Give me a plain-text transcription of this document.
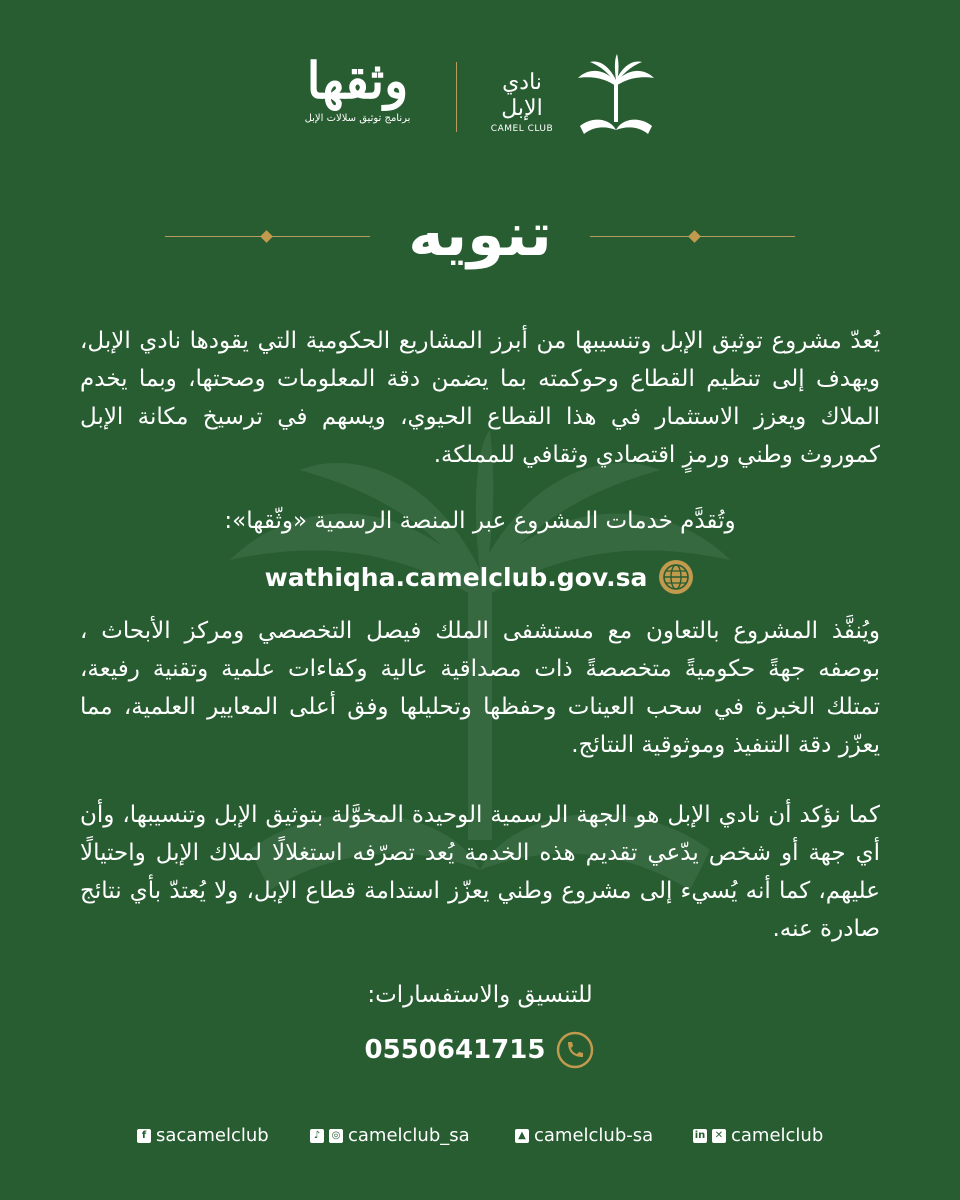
وثقها
برنامج توثيق سلالات الإبل
نادي الإبل
CAMEL CLUB
تنويه

يُعدّ مشروع توثيق الإبل وتنسيبها من أبرز المشاريع الحكومية التي يقودها نادي الإبل، ويهدف إلى تنظيم القطاع وحوكمته بما يضمن دقة المعلومات وصحتها، وبما يخدم الملاك ويعزز الاستثمار في هذا القطاع الحيوي، ويسهم في ترسيخ مكانة الإبل كموروث وطني ورمزٍ اقتصادي وثقافي للمملكة.

وتُقدَّم خدمات المشروع عبر المنصة الرسمية «وثّقها»:

wathiqha.camelclub.gov.sa

ويُنفَّذ المشروع بالتعاون مع مستشفى الملك فيصل التخصصي ومركز الأبحاث ، بوصفه جهةً حكوميةً متخصصةً ذات مصداقية عالية وكفاءات علمية وتقنية رفيعة، تمتلك الخبرة في سحب العينات وحفظها وتحليلها وفق أعلى المعايير العلمية، مما يعزّز دقة التنفيذ وموثوقية النتائج.

كما نؤكد أن نادي الإبل هو الجهة الرسمية الوحيدة المخوَّلة بتوثيق الإبل وتنسيبها، وأن أي جهة أو شخص يدّعي تقديم هذه الخدمة يُعد تصرّفه استغلالًا لملاك الإبل واحتيالًا عليهم، كما أنه يُسيء إلى مشروع وطني يعزّز استدامة قطاع الإبل، ولا يُعتدّ بأي نتائج صادرة عنه.

للتنسيق والاستفسارات:

0550641715
f sacamelclub	♪	◎ camelclub_sa	▲ camelclub-sa	in ✕ camelclub
